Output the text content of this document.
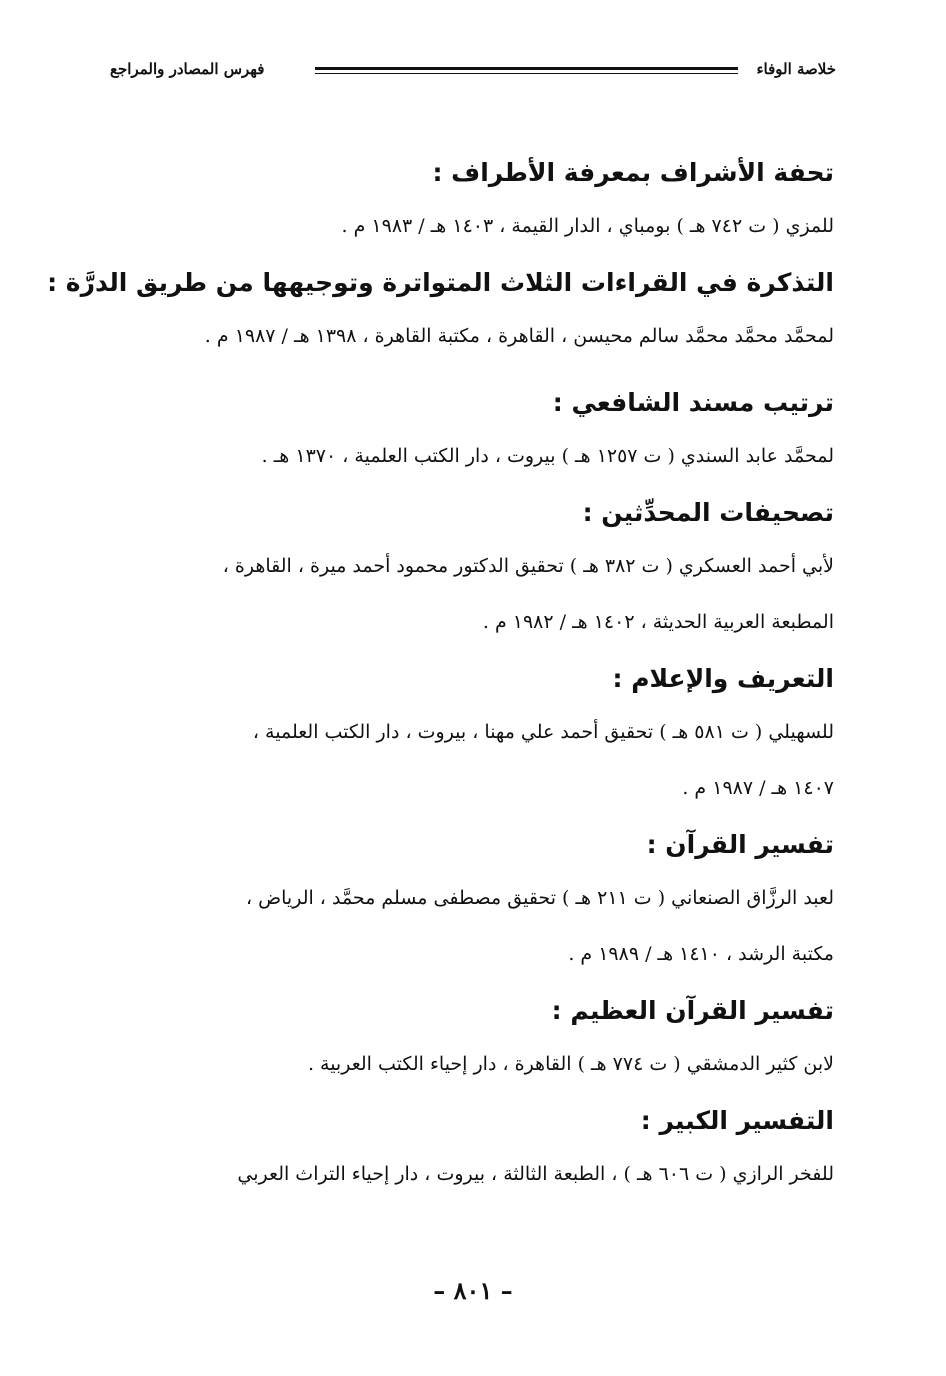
خلاصة الوفاء
فهرس المصادر والمراجع
تحفة الأشراف بمعرفة الأطراف :
للمزي ( ت ٧٤٢ هـ ) بومباي ، الدار القيمة ، ١٤٠٣ هـ / ١٩٨٣ م .
التذكرة في القراءات الثلاث المتواترة وتوجيهها من طريق الدرَّة :
لمحمَّد محمَّد محمَّد سالم محيسن ، القاهرة ، مكتبة القاهرة ، ١٣٩٨ هـ / ١٩٨٧ م .
ترتيب مسند الشافعي :
لمحمَّد عابد السندي ( ت ١٢٥٧ هـ ) بيروت ، دار الكتب العلمية ، ١٣٧٠ هـ .
تصحيفات المحدِّثين :
لأبي أحمد العسكري ( ت ٣٨٢ هـ ) تحقيق الدكتور محمود أحمد ميرة ، القاهرة ،
المطبعة العربية الحديثة ، ١٤٠٢ هـ / ١٩٨٢ م .
التعريف والإعلام :
للسهيلي ( ت ٥٨١ هـ ) تحقيق أحمد علي مهنا ، بيروت ، دار الكتب العلمية ،
١٤٠٧ هـ / ١٩٨٧ م .
تفسير القرآن :
لعبد الرزَّاق الصنعاني ( ت ٢١١ هـ ) تحقيق مصطفى مسلم محمَّد ، الرياض ،
مكتبة الرشد ، ١٤١٠ هـ / ١٩٨٩ م .
تفسير القرآن العظيم :
لابن كثير الدمشقي ( ت ٧٧٤ هـ ) القاهرة ، دار إحياء الكتب العربية .
التفسير الكبير :
للفخر الرازي ( ت ٦٠٦ هـ ) ، الطبعة الثالثة ، بيروت ، دار إحياء التراث العربي
– ٨٠١ –
